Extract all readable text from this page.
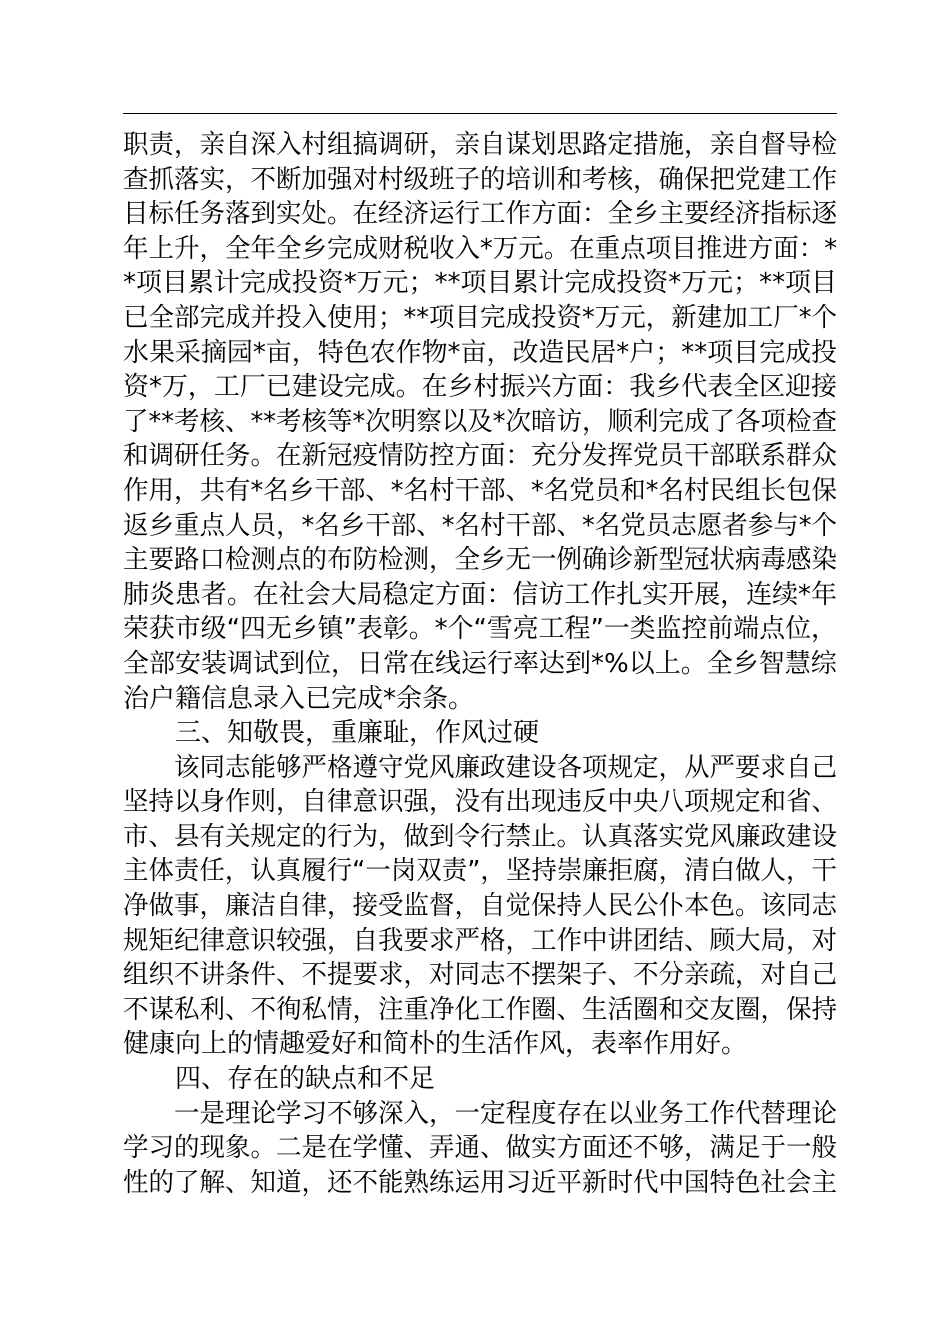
职责，亲自深入村组搞调研，亲自谋划思路定措施，亲自督导检
查抓落实，不断加强对村级班子的培训和考核，确保把党建工作
目标任务落到实处。在经济运行工作方面：全乡主要经济指标逐
年上升，全年全乡完成财税收入*万元。在重点项目推进方面：*
*项目累计完成投资*万元；**项目累计完成投资*万元；**项目
已全部完成并投入使用；**项目完成投资*万元，新建加工厂*个
水果采摘园*亩，特色农作物*亩，改造民居*户；**项目完成投
资*万，工厂已建设完成。在乡村振兴方面：我乡代表全区迎接
了**考核、**考核等*次明察以及*次暗访，顺利完成了各项检查
和调研任务。在新冠疫情防控方面：充分发挥党员干部联系群众
作用，共有*名乡干部、*名村干部、*名党员和*名村民组长包保
返乡重点人员，*名乡干部、*名村干部、*名党员志愿者参与*个
主要路口检测点的布防检测，全乡无一例确诊新型冠状病毒感染
肺炎患者。在社会大局稳定方面：信访工作扎实开展，连续*年
荣获市级“四无乡镇”表彰。*个“雪亮工程”一类监控前端点位，
全部安装调试到位，日常在线运行率达到*%以上。全乡智慧综
治户籍信息录入已完成*余条。
三、知敬畏，重廉耻，作风过硬
该同志能够严格遵守党风廉政建设各项规定，从严要求自己
坚持以身作则，自律意识强，没有出现违反中央八项规定和省、
市、县有关规定的行为，做到令行禁止。认真落实党风廉政建设
主体责任，认真履行“一岗双责”，坚持崇廉拒腐，清白做人，干
净做事，廉洁自律，接受监督，自觉保持人民公仆本色。该同志
规矩纪律意识较强，自我要求严格，工作中讲团结、顾大局，对
组织不讲条件、不提要求，对同志不摆架子、不分亲疏，对自己
不谋私利、不徇私情，注重净化工作圈、生活圈和交友圈，保持
健康向上的情趣爱好和简朴的生活作风，表率作用好。
四、存在的缺点和不足
一是理论学习不够深入，一定程度存在以业务工作代替理论
学习的现象。二是在学懂、弄通、做实方面还不够，满足于一般
性的了解、知道，还不能熟练运用习近平新时代中国特色社会主
